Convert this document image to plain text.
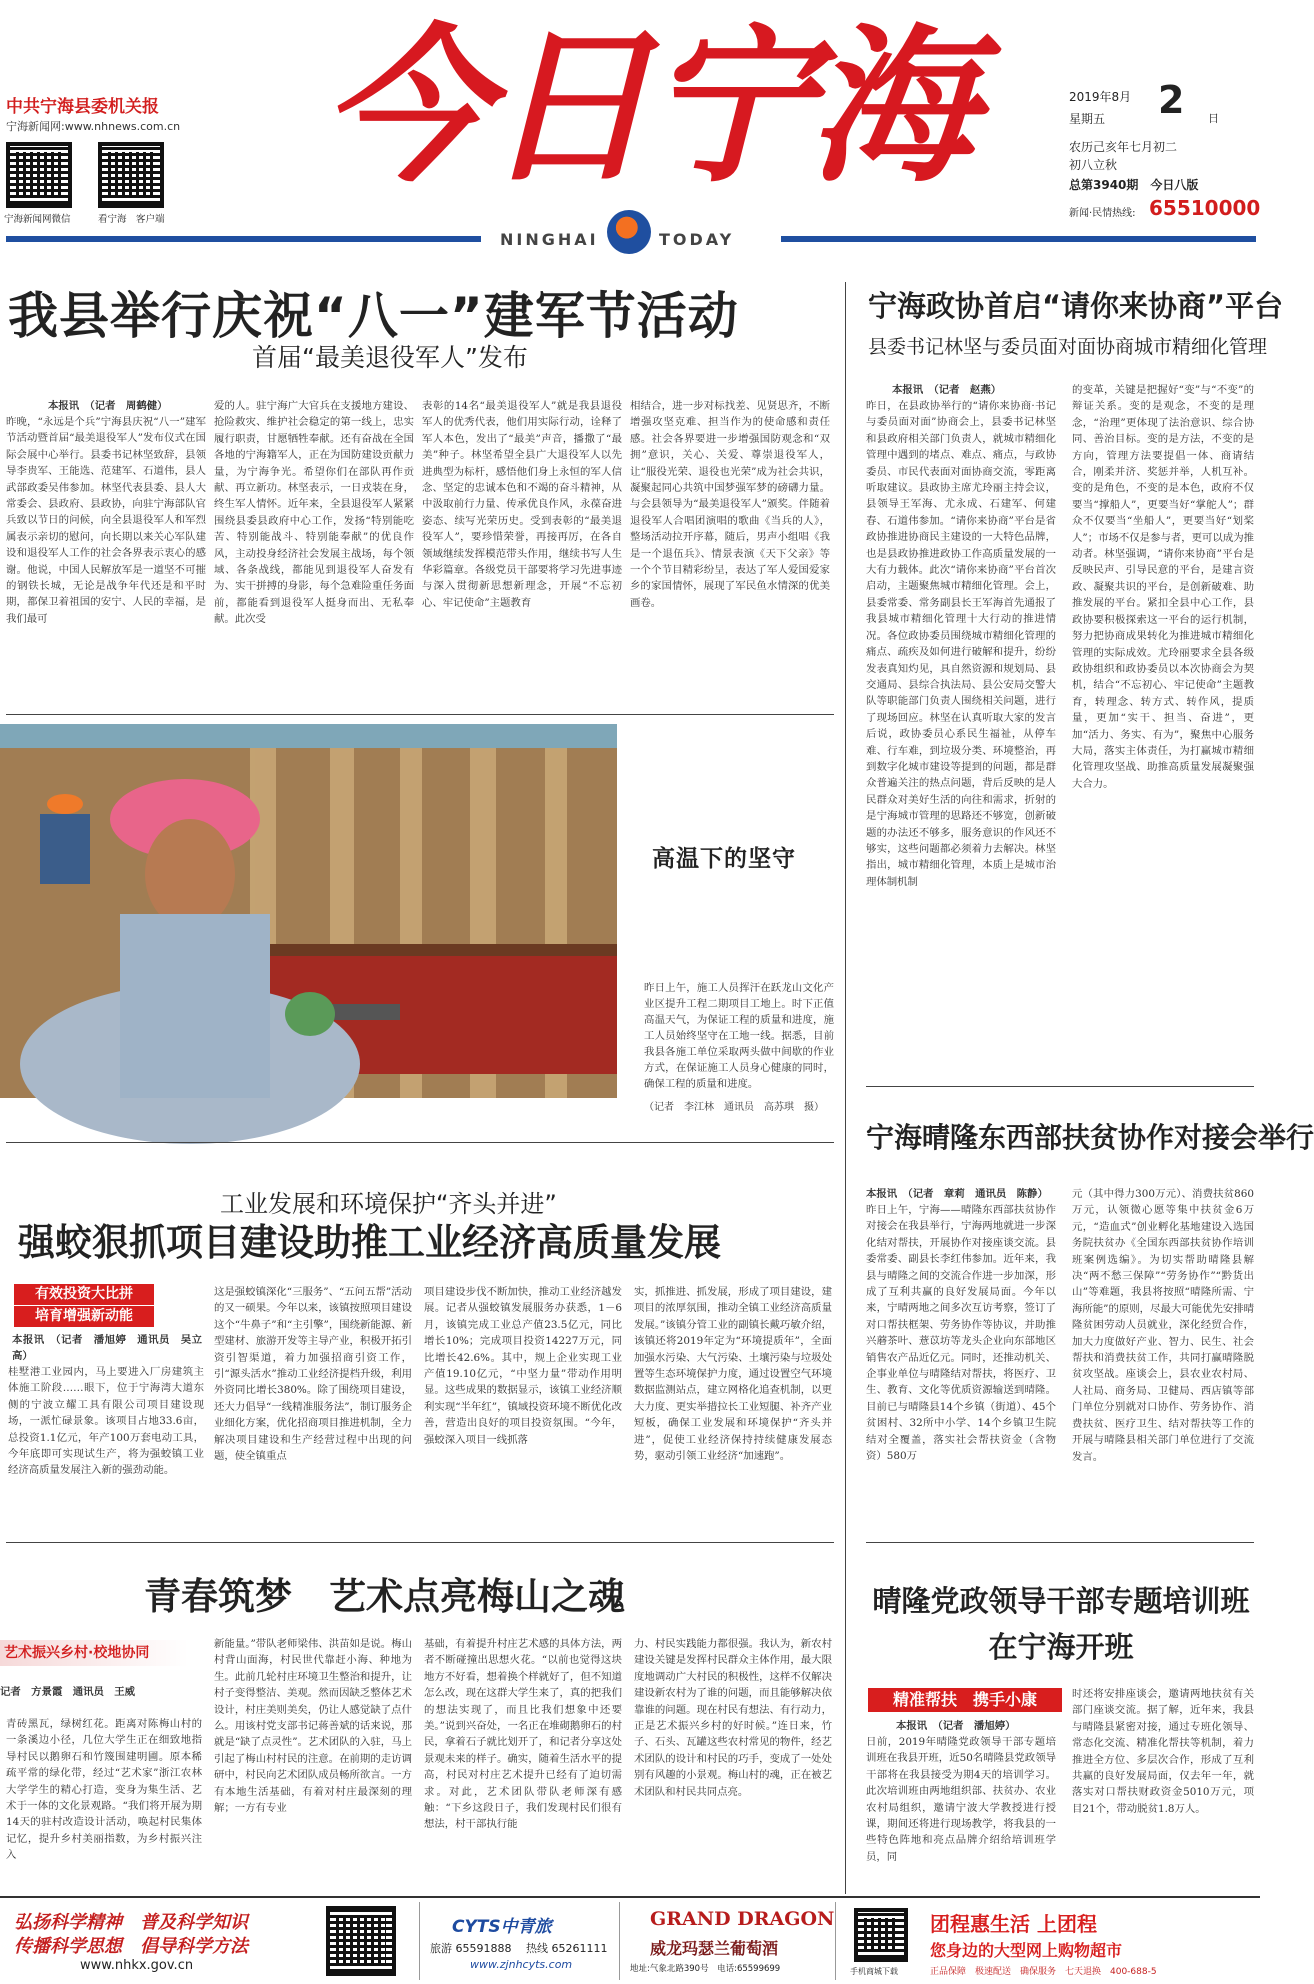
中共宁海县委机关报
宁海新闻网:www.nhnews.com.cn
宁海新闻网微信	看宁海　客户端
今日宁海
NINGHAI	TODAY
2019年8月 2 日
星期五
农历己亥年七月初二
初八立秋
总第3940期　今日八版
新闻·民情热线: 65510000
我县举行庆祝“八一”建军节活动
首届“最美退役军人”发布
本报讯　（记者　周鹤健）
昨晚，“永远是个兵”宁海县庆祝“八一”建军节活动暨首届“最美退役军人”发布仪式在国际会展中心举行。县委书记林坚致辞，县领导李贵军、王能选、范建军、石道伟，县人武部政委吴伟参加。林坚代表县委、县人大常委会、县政府、县政协，向驻宁海部队官兵致以节日的问候，向全县退役军人和军烈属表示亲切的慰问，向长期以来关心军队建设和退役军人工作的社会各界表示衷心的感谢。他说，中国人民解放军是一道坚不可摧的钢铁长城，无论是战争年代还是和平时期，都保卫着祖国的安宁、人民的幸福，是我们最可
爱的人。驻宁海广大官兵在支援地方建设、抢险救灾、维护社会稳定的第一线上，忠实履行职责，甘愿牺牲奉献。还有奋战在全国各地的宁海籍军人，正在为国防建设贡献力量，为宁海争光。希望你们在部队再作贡献、再立新功。林坚表示，一日戎装在身，终生军人情怀。近年来，全县退役军人紧紧围绕县委县政府中心工作，发扬“特别能吃苦、特别能战斗、特别能奉献”的优良作风，主动投身经济社会发展主战场，每个领域、各条战线，都能见到退役军人奋发有为、实干拼搏的身影，每个急难险重任务面前，都能看到退役军人挺身而出、无私奉献。此次受
表彰的14名“最美退役军人”就是我县退役军人的优秀代表，他们用实际行动，诠释了军人本色，发出了“最美”声音，播撒了“最美”种子。林坚希望全县广大退役军人以先进典型为标杆，感悟他们身上永恒的军人信念、坚定的忠诚本色和不竭的奋斗精神，从中汲取前行力量、传承优良作风，永葆奋进姿态、续写光荣历史。受到表彰的“最美退役军人”，要珍惜荣誉，再接再厉，在各自领域继续发挥模范带头作用，继续书写人生华彩篇章。各级党员干部要将学习先进事迹与深入贯彻新思想新理念，开展“不忘初心、牢记使命”主题教育
相结合，进一步对标找差、见贤思齐，不断增强攻坚克难、担当作为的使命感和责任感。社会各界要进一步增强国防观念和“双拥”意识，关心、关爱、尊崇退役军人，让“服役光荣、退役也光荣”成为社会共识，凝聚起同心共筑中国梦强军梦的磅礴力量。与会县领导为“最美退役军人”颁奖。伴随着退役军人合唱团演唱的歌曲《当兵的人》，整场活动拉开序幕，随后，男声小组唱《我是一个退伍兵》、情景表演《天下父亲》等一个个节目精彩纷呈，表达了军人爱国爱家乡的家国情怀，展现了军民鱼水情深的优美画卷。
高温下的坚守
昨日上午，施工人员挥汗在跃龙山文化产业区提升工程二期项目工地上。时下正值高温天气，为保证工程的质量和进度，施工人员始终坚守在工地一线。据悉，目前我县各施工单位采取两头做中间歇的作业方式，在保证施工人员身心健康的同时，确保工程的质量和进度。
（记者　李江林　通讯员　高苏琪　摄）
工业发展和环境保护“齐头并进”
强蛟狠抓项目建设助推工业经济高质量发展
有效投资大比拼
培育增强新动能
本报讯　（记者　潘旭婷　通讯员　吴立高）
桂墅港工业园内，马上要进入厂房建筑主体施工阶段……眼下，位于宁海湾大道东侧的宁波立耀工具有限公司项目建设现场，一派忙碌景象。该项目占地33.6亩，总投资1.1亿元，年产100万套电动工具，今年底即可实现试生产，将为强蛟镇工业经济高质量发展注入新的强劲动能。
这是强蛟镇深化“三服务”、“五问五帮”活动的又一硕果。今年以来，该镇按照项目建设这个“牛鼻子”和“主引擎”，围绕新能源、新型建材、旅游开发等主导产业，积极开拓引资引智渠道，着力加强招商引资工作，引“源头活水”推动工业经济提档升级，利用外资同比增长380%。除了围绕项目建设，还大力倡导“一线精准服务法”，制订服务企业细化方案，优化招商项目推进机制，全力解决项目建设和生产经营过程中出现的问题，使全镇重点
项目建设步伐不断加快，推动工业经济越发展。记者从强蛟镇发展服务办获悉，1－6月，该镇完成工业总产值23.5亿元，同比增长10%；完成项目投资14227万元，同比增长42.6%。其中，规上企业实现工业产值19.10亿元，“中坚力量”带动作用明显。这些成果的数据显示，该镇工业经济顺利实现“半年红”，镇域投资环境不断优化改善，营造出良好的项目投资氛围。“今年，强蛟深入项目一线抓落
实，抓推进、抓发展，形成了项目建设，建项目的浓厚氛围，推动全镇工业经济高质量发展。”该镇分管工业的副镇长戴巧敏介绍，该镇还将2019年定为“环境提质年”，全面加强水污染、大气污染、土壤污染与垃圾处置等生态环境保护力度，通过设置空气环境数据监测站点，建立网格化追查机制，以更大力度、更实举措拉长工业短腿、补齐产业短板，确保工业发展和环境保护“齐头并进”，促使工业经济保持持续健康发展态势，驱动引领工业经济“加速跑”。
青春筑梦　艺术点亮梅山之魂
艺术振兴乡村·校地协同
记者　方景霞　通讯员　王威
青砖黑瓦，绿树红花。距离对陈梅山村的一条溪边小径，几位大学生正在细致地指导村民以鹅卵石和竹篾围建明圃。原本稀疏平常的绿化带，经过“艺术家”浙江农林大学学生的精心打造，变身为集生活、艺术于一体的文化景观路。“我们将开展为期14天的驻村改造设计活动，唤起村民集体记忆，提升乡村美丽指数，为乡村振兴注入
新能量。”带队老师梁伟、洪苗如是说。梅山村背山面海，村民世代靠赶小海、种地为生。此前几轮村庄环境卫生整治和提升，让村子变得整洁、美观。然而因缺乏整体艺术设计，村庄美则美矣，仍让人感觉缺了点什么。用该村党支部书记蒋善斌的话来说，那就是“缺了点灵性”。艺术团队的入驻，马上引起了梅山村村民的注意。在前期的走访调研中，村民向艺术团队成员畅所欲言。一方有本地生活基础，有着对村庄最深刻的理解；一方有专业
基础，有着提升村庄艺术感的具体方法，两者不断碰撞出思想火花。“以前也觉得这块地方不好看，想着换个样就好了，但不知道怎么改，现在这群大学生来了，真的把我们的想法实现了，而且比我们想象中还要美。”说到兴奋处，一名正在堆砌鹅卵石的村民，拿着石子就比划开了，和记者分享这处景观未来的样子。确实，随着生活水平的提高，村民对村庄艺术提升已经有了迫切需求。对此，艺术团队带队老师深有感触：“下乡这段日子，我们发现村民们很有想法，村干部执行能
力、村民实践能力都很强。我认为，新农村建设关键是发挥村民群众主体作用，最大限度地调动广大村民的积极性，这样不仅解决建设新农村为了谁的问题，而且能够解决依靠谁的问题。现在村民有想法、有行动力，正是艺术振兴乡村的好时候。”连日来，竹子、石头、瓦罐这些农村常见的物件，经艺术团队的设计和村民的巧手，变成了一处处别有风趣的小景观。梅山村的魂，正在被艺术团队和村民共同点亮。
宁海政协首启“请你来协商”平台
县委书记林坚与委员面对面协商城市精细化管理
本报讯　（记者　赵燕）
昨日，在县政协举行的“请你来协商·书记与委员面对面”协商会上，县委书记林坚和县政府相关部门负责人，就城市精细化管理中遇到的堵点、难点、痛点，与政协委员、市民代表面对面协商交流，零距离听取建议。县政协主席尤玲丽主持会议，县领导王军海、尤永成、石建军、何建春、石道伟参加。“请你来协商”平台是省政协推进协商民主建设的一大特色品牌，也是县政协推进政协工作高质量发展的一大有力载体。此次“请你来协商”平台首次启动，主题聚焦城市精细化管理。会上，县委常委、常务副县长王军海首先通报了我县城市精细化管理十大行动的推进情况。各位政协委员围绕城市精细化管理的痛点、疏疾及如何进行破解和提升，纷纷发表真知灼见，具自然资源和规划局、县交通局、县综合执法局、县公安局交警大队等职能部门负责人围绕相关问题，进行了现场回应。林坚在认真听取大家的发言后说，政协委员心系民生福祉，从停车难、行车难，到垃圾分类、环境整治，再到数字化城市建设等提到的问题，都是群众普遍关注的热点问题，背后反映的是人民群众对美好生活的向往和需求，折射的是宁海城市管理的思路还不够宽，创新破题的办法还不够多，服务意识的作风还不够实，这些问题都必须着力去解决。林坚指出，城市精细化管理，本质上是城市治理体制机制
的变革，关键是把握好“变”与“不变”的辩证关系。变的是观念，不变的是理念，“治理”更体现了法治意识、综合协同、善治目标。变的是方法，不变的是方向，管理方法要提倡一体、商请结合，刚柔并济、奖惩并举，人机互补。变的是角色，不变的是本色，政府不仅要当“撑船人”，更要当好“掌舵人”；群众不仅要当“坐船人”，更要当好“划桨人”；市场不仅是参与者，更可以成为推动者。林坚强调，“请你来协商”平台是反映民声、引导民意的平台，是建言资政、凝聚共识的平台，是创新破难、助推发展的平台。紧扣全县中心工作，县政协要积极探索这一平台的运行机制，努力把协商成果转化为推进城市精细化管理的实际成效。尤玲丽要求全县各级政协组织和政协委员以本次协商会为契机，结合“不忘初心、牢记使命”主题教育，转理念、转方式、转作风，提质量，更加“实干、担当、奋进”，更加“活力、务实、有为”，聚焦中心服务大局，落实主体责任，为打赢城市精细化管理攻坚战、助推高质量发展凝聚强大合力。
宁海晴隆东西部扶贫协作对接会举行
本报讯　（记者　章莉　通讯员　陈静）
昨日上午，宁海——晴隆东西部扶贫协作对接会在我县举行，宁海两地就进一步深化结对帮扶，开展协作对接座谈交流。县委常委、副县长李红伟参加。近年来，我县与晴隆之间的交流合作进一步加深，形成了互利共赢的良好发展局面。今年以来，宁晴两地之间多次互访考察，签订了对口帮扶框架、劳务协作等协议，并助推兴蘑茶叶、薏苡坊等龙头企业向东部地区销售农产品近亿元。同时，还推动机关、企事业单位与晴隆结对帮扶，将医疗、卫生、教育、文化等优质资源输送到晴隆。目前已与晴隆县14个乡镇（街道）、45个贫困村、32所中小学、14个乡镇卫生院结对全覆盖，落实社会帮扶资金（含物资）580万
元（其中得力300万元）、消费扶贫860万元，认领微心愿等集中扶贫金6万元，“造血式”创业孵化基地建设入选国务院扶贫办《全国东西部扶贫协作培训班案例选编》。为切实帮助晴隆县解决“两不愁三保障”“劳务协作”“黔货出山”等难题，我县将按照“晴隆所需、宁海所能”的原则，尽最大可能优先安排晴隆贫困劳动人员就业，深化经贸合作，加大力度做好产业、智力、民生、社会帮扶和消费扶贫工作，共同打赢晴隆脱贫攻坚战。座谈会上，县农业农村局、人社局、商务局、卫健局、西店镇等部门单位分别就对口协作、劳务协作、消费扶贫、医疗卫生、结对帮扶等工作的开展与晴隆县相关部门单位进行了交流发言。
晴隆党政领导干部专题培训班在宁海开班
精准帮扶　携手小康
本报讯　（记者　潘旭婷）
日前，2019年晴隆党政领导干部专题培训班在我县开班，近50名晴隆县党政领导干部将在我县接受为期4天的培训学习。此次培训班由两地组织部、扶贫办、农业农村局组织，邀请宁波大学教授进行授课，期间还将进行现场教学，将我县的一些特色阵地和亮点品牌介绍给培训班学员，同
时还将安排座谈会，邀请两地扶贫有关部门座谈交流。据了解，近年来，我县与晴隆县紧密对接，通过专班化领导、常态化交流、精准化帮扶等机制，着力推进全方位、多层次合作，形成了互利共赢的良好发展局面，仅去年一年，就落实对口帮扶财政资金5010万元，项目21个，带动脱贫1.8万人。
弘扬科学精神　普及科学知识
传播科学思想　倡导科学方法
www.nhkx.gov.cn
CYTS中青旅
旅游 65591888 热线 65261111
www.zjnhcyts.com
GRAND DRAGON
威龙玛瑟兰葡萄酒
地址:气象北路390号　电话:65599699	手机商城下载
团程惠生活 上团程
您身边的大型网上购物超市
正品保障　极速配送　确保服务　七天退换　400-688-5
